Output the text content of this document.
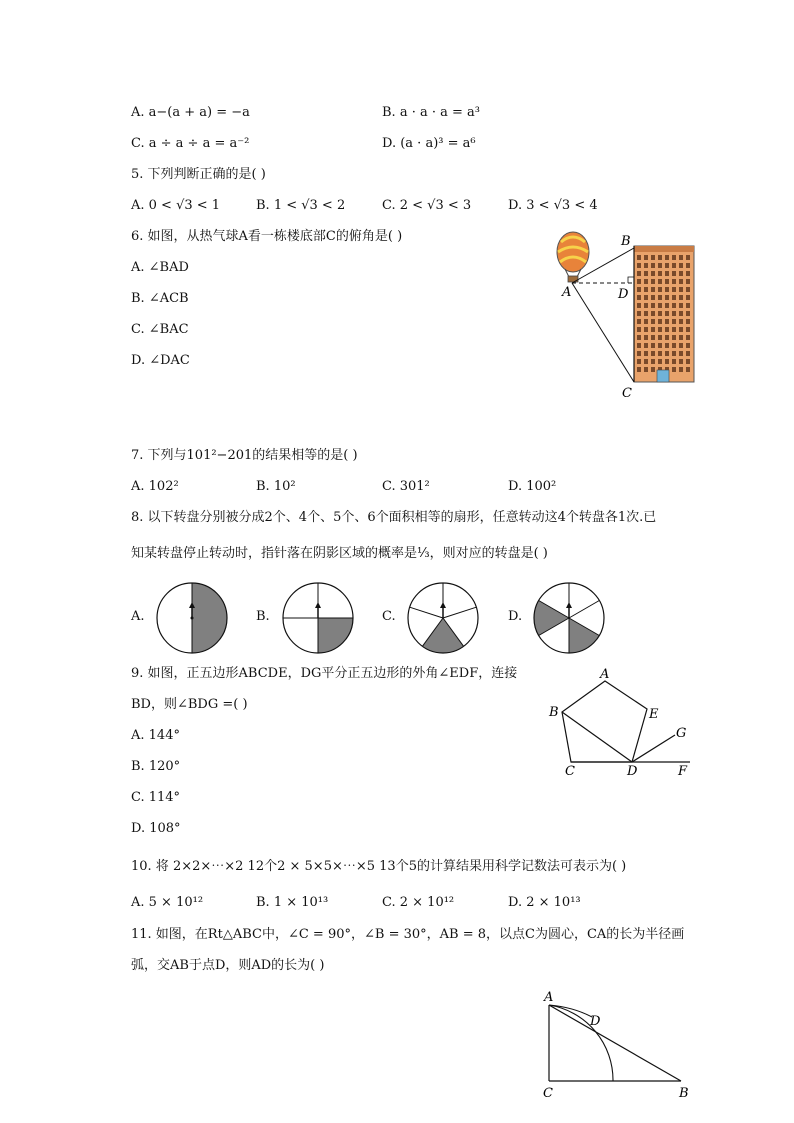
A. a−(a + a) = −a	B. a · a · a = a³
C. a ÷ a ÷ a = a⁻²	D. (a · a)³ = a⁶
5. 下列判断正确的是( )
A. 0 < √3 < 1	B. 1 < √3 < 2	C. 2 < √3 < 3	D. 3 < √3 < 4
6. 如图，从热气球A看一栋楼底部C的俯角是( )
A. ∠BAD
B. ∠ACB
C. ∠BAC
D. ∠DAC
B
A	D
C
7. 下列与101²−201的结果相等的是( )
A. 102²	B. 10²	C. 301²	D. 100²
8. 以下转盘分别被分成2个、4个、5个、6个面积相等的扇形，任意转动这4个转盘各1次.已
知某转盘停止转动时，指针落在阴影区域的概率是⅓，则对应的转盘是( )
A.	B.	C.	D.
9. 如图，正五边形ABCDE，DG平分正五边形的外角∠EDF，连接
BD，则∠BDG =( )
A. 144°
B. 120°
C. 114°
D. 108°
A
B	E
G
C	D	F
10. 将 2×2×⋯×2 12个2 × 5×5×⋯×5 13个5的计算结果用科学记数法可表示为( )
A. 5 × 10¹²	B. 1 × 10¹³	C. 2 × 10¹²	D. 2 × 10¹³
11. 如图，在Rt△ABC中，∠C = 90°，∠B = 30°，AB = 8，以点C为圆心，CA的长为半径画
弧，交AB于点D，则AD的长为( )
A
D
C	B
